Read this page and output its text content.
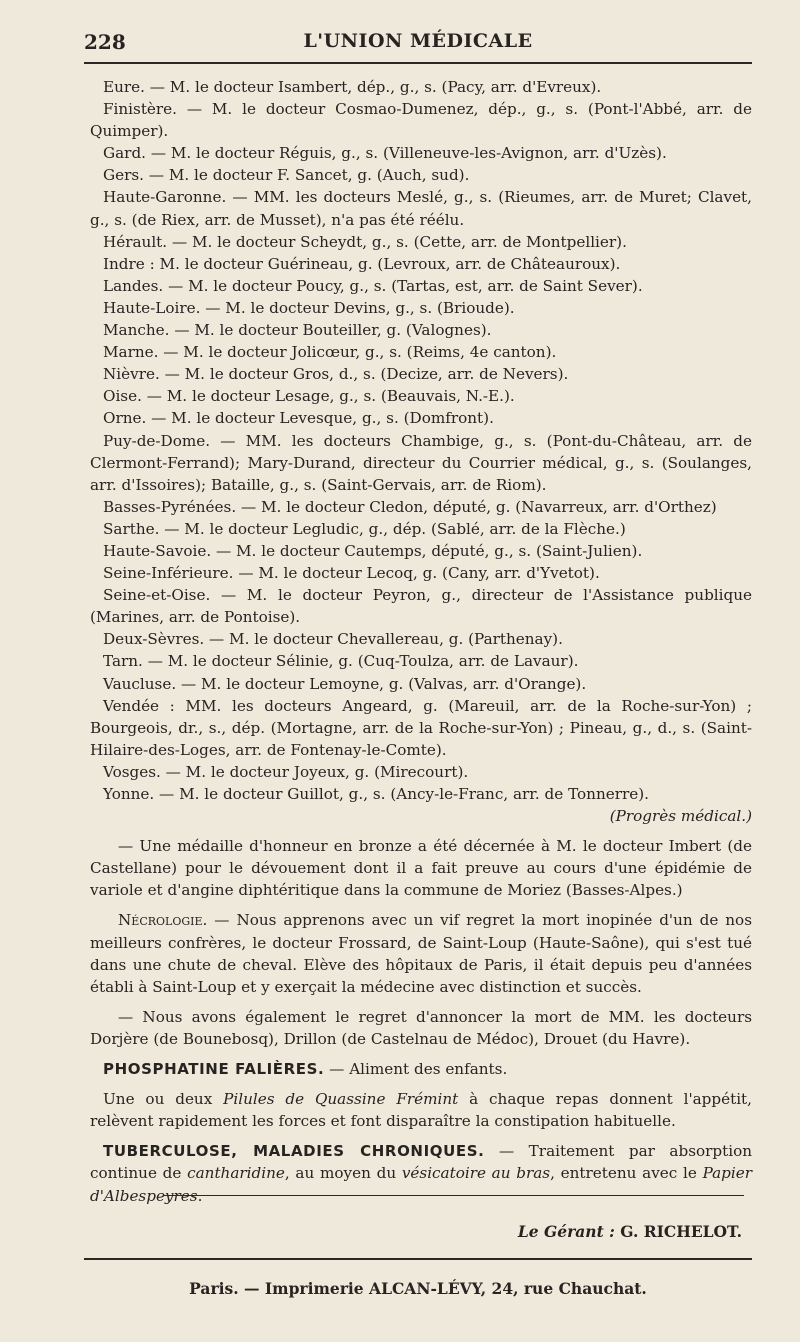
228	L'UNION MÉDICALE

Eure. — M. le docteur Isambert, dép., g., s. (Pacy, arr. d'Evreux).

Finistère. — M. le docteur Cosmao-Dumenez, dép., g., s. (Pont-l'Abbé, arr. de Quimper).

Gard. — M. le docteur Réguis, g., s. (Villeneuve-les-Avignon, arr. d'Uzès).

Gers. — M. le docteur F. Sancet, g. (Auch, sud).

Haute-Garonne. — MM. les docteurs Meslé, g., s. (Rieumes, arr. de Muret; Clavet, g., s. (de Riex, arr. de Musset), n'a pas été réélu.

Hérault. — M. le docteur Scheydt, g., s. (Cette, arr. de Montpellier).

Indre : M. le docteur Guérineau, g. (Levroux, arr. de Châteauroux).

Landes. — M. le docteur Poucy, g., s. (Tartas, est, arr. de Saint Sever).

Haute-Loire. — M. le docteur Devins, g., s. (Brioude).

Manche. — M. le docteur Bouteiller, g. (Valognes).

Marne. — M. le docteur Jolicœur, g., s. (Reims, 4e canton).

Nièvre. — M. le docteur Gros, d., s. (Decize, arr. de Nevers).

Oise. — M. le docteur Lesage, g., s. (Beauvais, N.-E.).

Orne. — M. le docteur Levesque, g., s. (Domfront).

Puy-de-Dome. — MM. les docteurs Chambige, g., s. (Pont-du-Château, arr. de Clermont-Ferrand); Mary-Durand, directeur du Courrier médical, g., s. (Soulanges, arr. d'Issoires); Bataille, g., s. (Saint-Gervais, arr. de Riom).

Basses-Pyrénées. — M. le docteur Cledon, député, g. (Navarreux, arr. d'Orthez)

Sarthe. — M. le docteur Legludic, g., dép. (Sablé, arr. de la Flèche.)

Haute-Savoie. — M. le docteur Cautemps, député, g., s. (Saint-Julien).

Seine-Inférieure. — M. le docteur Lecoq, g. (Cany, arr. d'Yvetot).

Seine-et-Oise. — M. le docteur Peyron, g., directeur de l'Assistance publique (Marines, arr. de Pontoise).

Deux-Sèvres. — M. le docteur Chevallereau, g. (Parthenay).

Tarn. — M. le docteur Sélinie, g. (Cuq-Toulza, arr. de Lavaur).

Vaucluse. — M. le docteur Lemoyne, g. (Valvas, arr. d'Orange).

Vendée : MM. les docteurs Angeard, g. (Mareuil, arr. de la Roche-sur-Yon) ; Bourgeois, dr., s., dép. (Mortagne, arr. de la Roche-sur-Yon) ; Pineau, g., d., s. (Saint-Hilaire-des-Loges, arr. de Fontenay-le-Comte).

Vosges. — M. le docteur Joyeux, g. (Mirecourt).

Yonne. — M. le docteur Guillot, g., s. (Ancy-le-Franc, arr. de Tonnerre).

(Progrès médical.)

— Une médaille d'honneur en bronze a été décernée à M. le docteur Imbert (de Castellane) pour le dévouement dont il a fait preuve au cours d'une épidémie de variole et d'angine diphtéritique dans la commune de Moriez (Basses-Alpes.)

Nécrologie. — Nous apprenons avec un vif regret la mort inopinée d'un de nos meilleurs confrères, le docteur Frossard, de Saint-Loup (Haute-Saône), qui s'est tué dans une chute de cheval. Elève des hôpitaux de Paris, il était depuis peu d'années établi à Saint-Loup et y exerçait la médecine avec distinction et succès.

— Nous avons également le regret d'annoncer la mort de MM. les docteurs Dorjère (de Bounebosq), Drillon (de Castelnau de Médoc), Drouet (du Havre).

PHOSPHATINE FALIÈRES. — Aliment des enfants.

Une ou deux Pilules de Quassine Frémint à chaque repas donnent l'appétit, relèvent rapidement les forces et font disparaître la constipation habituelle.

TUBERCULOSE, MALADIES CHRONIQUES. — Traitement par absorption continue de cantharidine, au moyen du vésicatoire au bras, entretenu avec le Papier d'Albespeyres.

Le Gérant : G. RICHELOT.
Paris. — Imprimerie ALCAN-LÉVY, 24, rue Chauchat.
